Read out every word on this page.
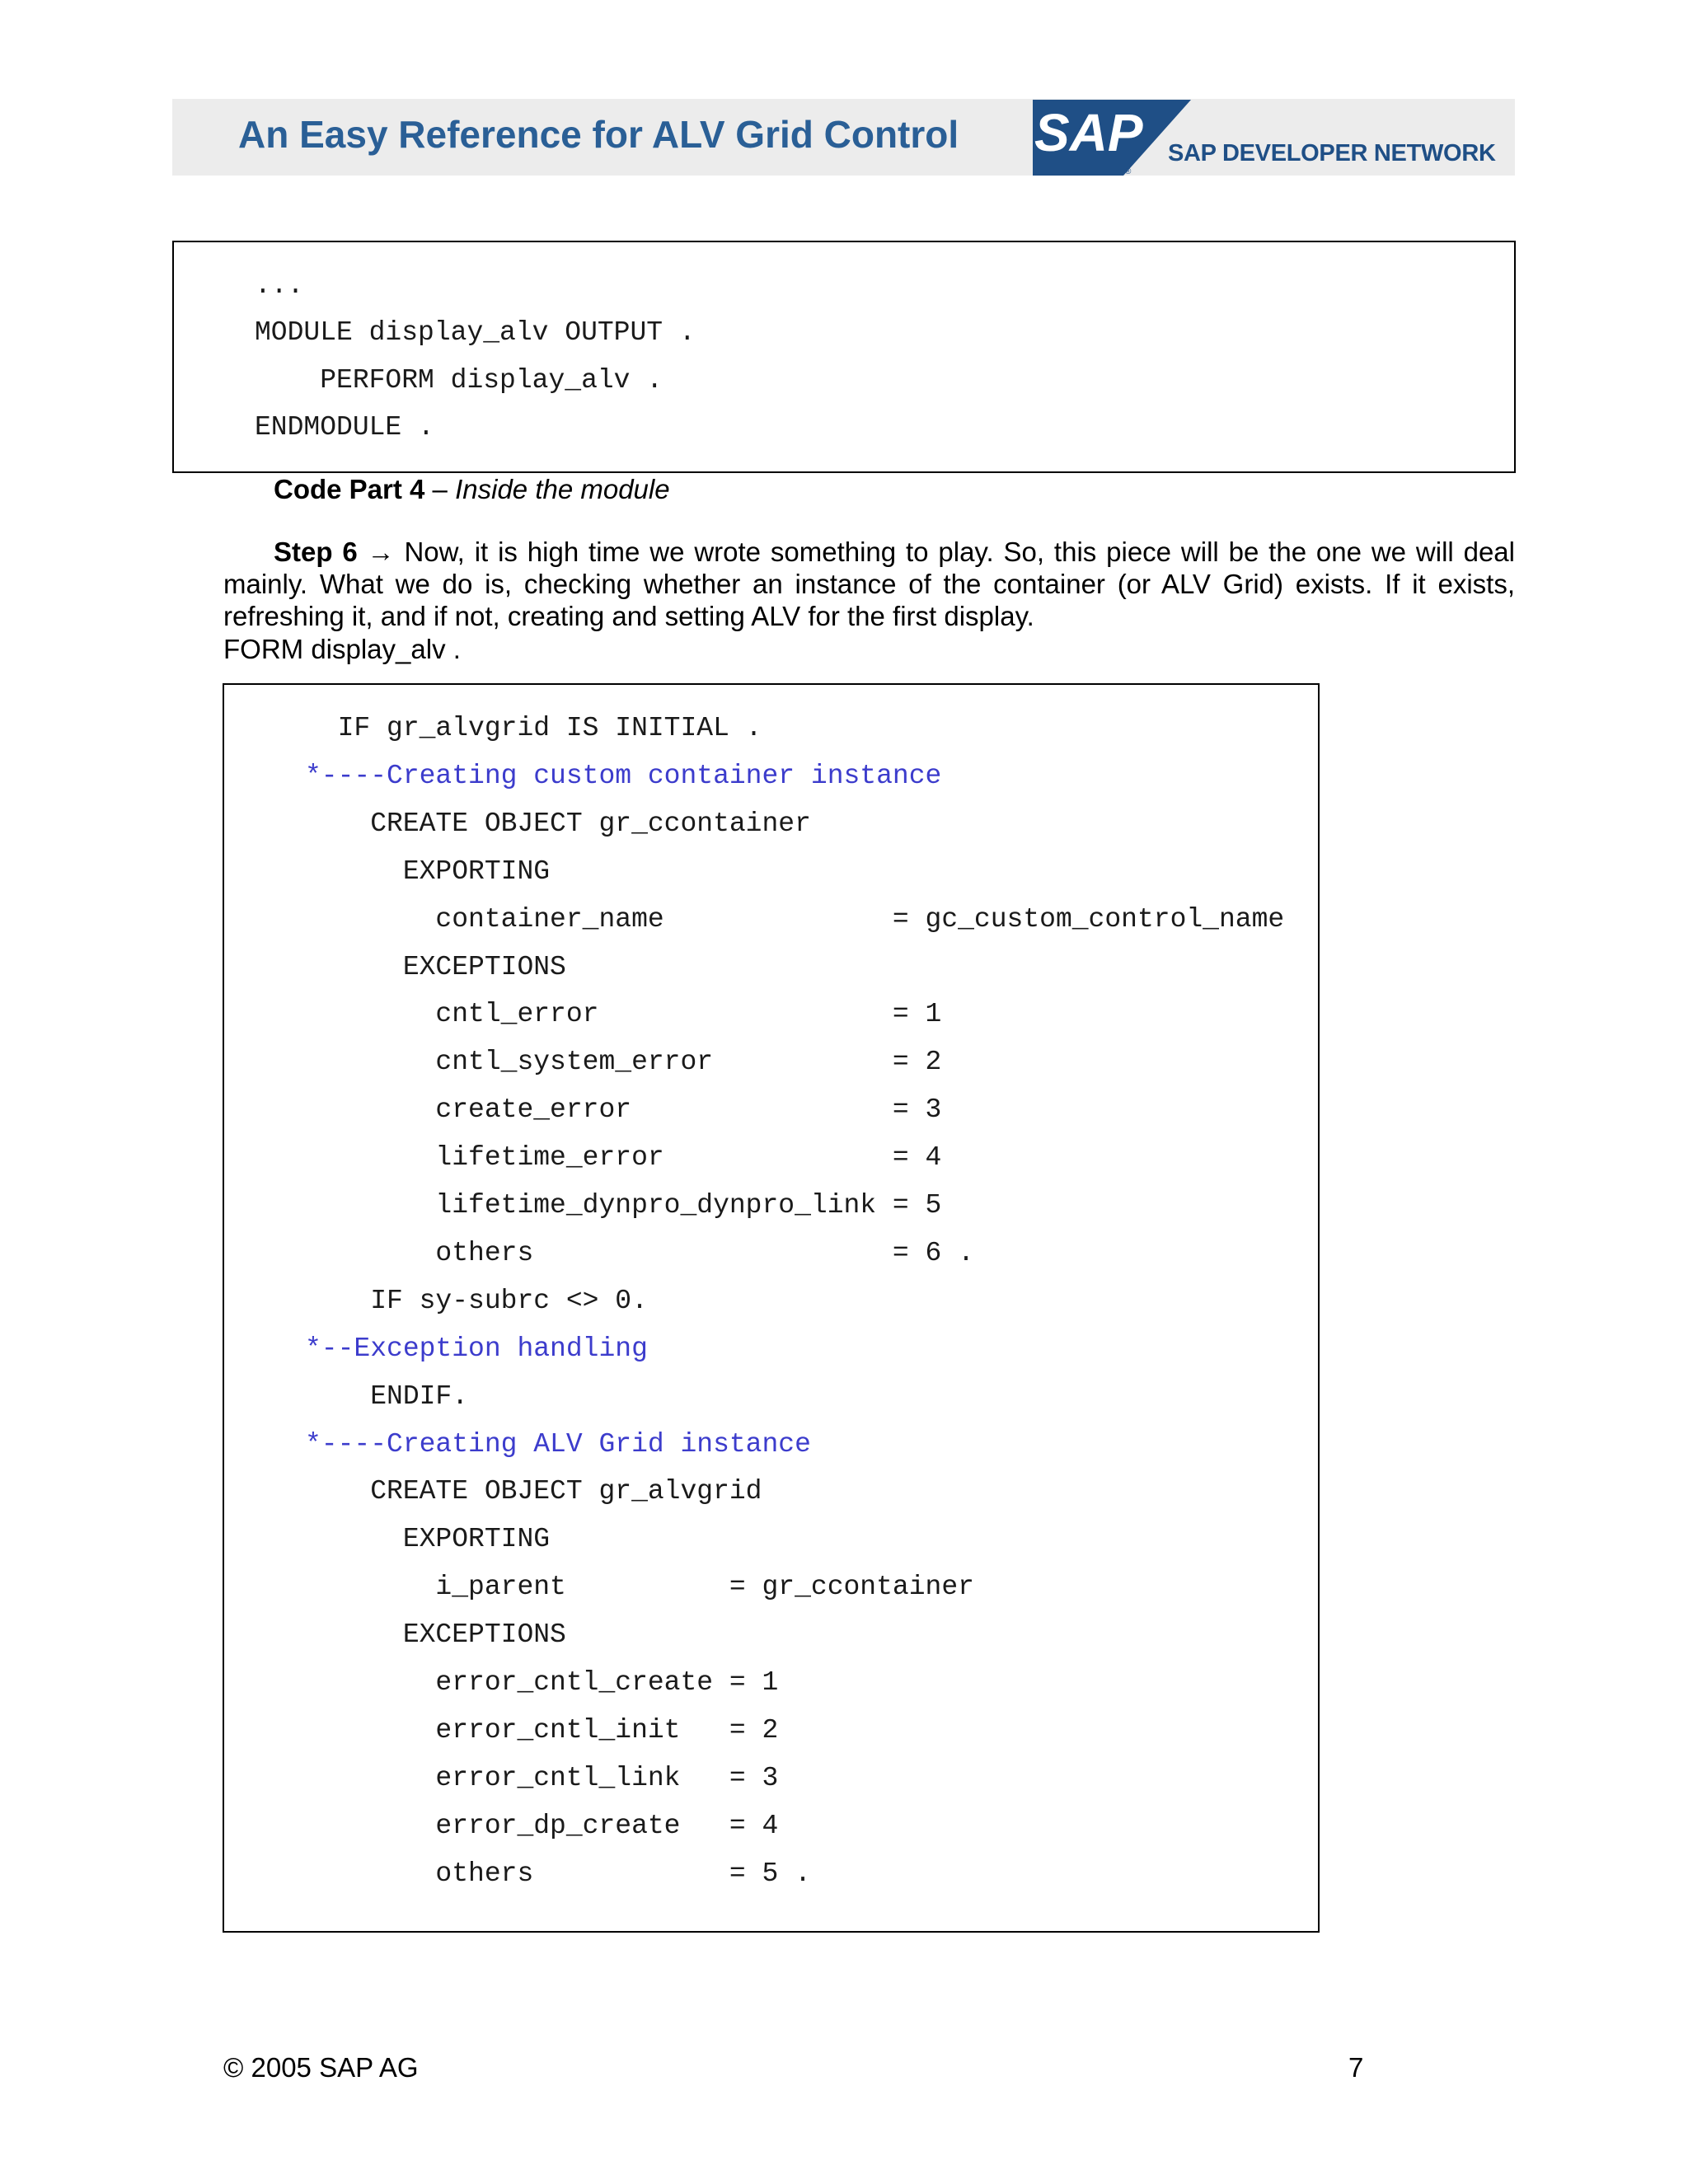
An Easy Reference for ALV Grid Control SAP
®
SAP DEVELOPER NETWORK
...
MODULE display_alv OUTPUT .
PERFORM display_alv .
ENDMODULE .
Code Part 4 – Inside the module
Step 6 → Now, it is high time we wrote something to play. So, this piece will be the one we will deal
mainly. What we do is, checking whether an instance of the container (or ALV Grid) exists. If it exists,
refreshing it, and if not, creating and setting ALV for the first display.
FORM display_alv .
IF gr_alvgrid IS INITIAL .
*----Creating custom container instance
CREATE OBJECT gr_ccontainer
EXPORTING
container_name              = gc_custom_control_name
EXCEPTIONS
cntl_error                  = 1
cntl_system_error           = 2
create_error                = 3
lifetime_error              = 4
lifetime_dynpro_dynpro_link = 5
others                      = 6 .
IF sy-subrc <> 0.
*--Exception handling
ENDIF.
*----Creating ALV Grid instance
CREATE OBJECT gr_alvgrid
EXPORTING
i_parent          = gr_ccontainer
EXCEPTIONS
error_cntl_create = 1
error_cntl_init   = 2
error_cntl_link   = 3
error_dp_create   = 4
others            = 5 .
© 2005 SAP AG	7
